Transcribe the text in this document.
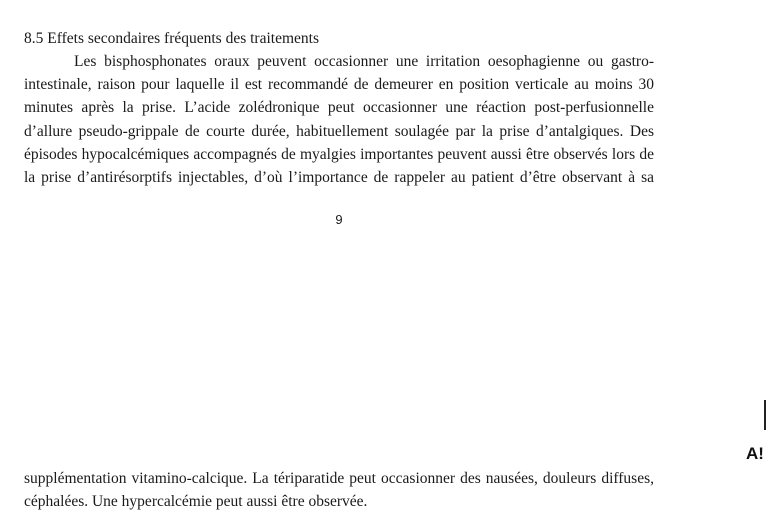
8.5 Effets secondaires fréquents des traitements

Les bisphosphonates oraux peuvent occasionner une irritation oesophagienne ou gastro-intestinale, raison pour laquelle il est recommandé de demeurer en position verticale au moins 30 minutes après la prise. L’acide zolédronique peut occasionner une réaction post-perfusionnelle d’allure pseudo-grippale de courte durée, habituellement soulagée par la prise d’antalgiques. Des épisodes hypocalcémiques accompagnés de myalgies importantes peuvent aussi être observés lors de la prise d’antirésorptifs injectables, d’où l’importance de rappeler au patient d’être observant à sa

9
A!

supplémentation vitamino-calcique. La tériparatide peut occasionner des nausées, douleurs diffuses, céphalées. Une hypercalcémie peut aussi être observée.
